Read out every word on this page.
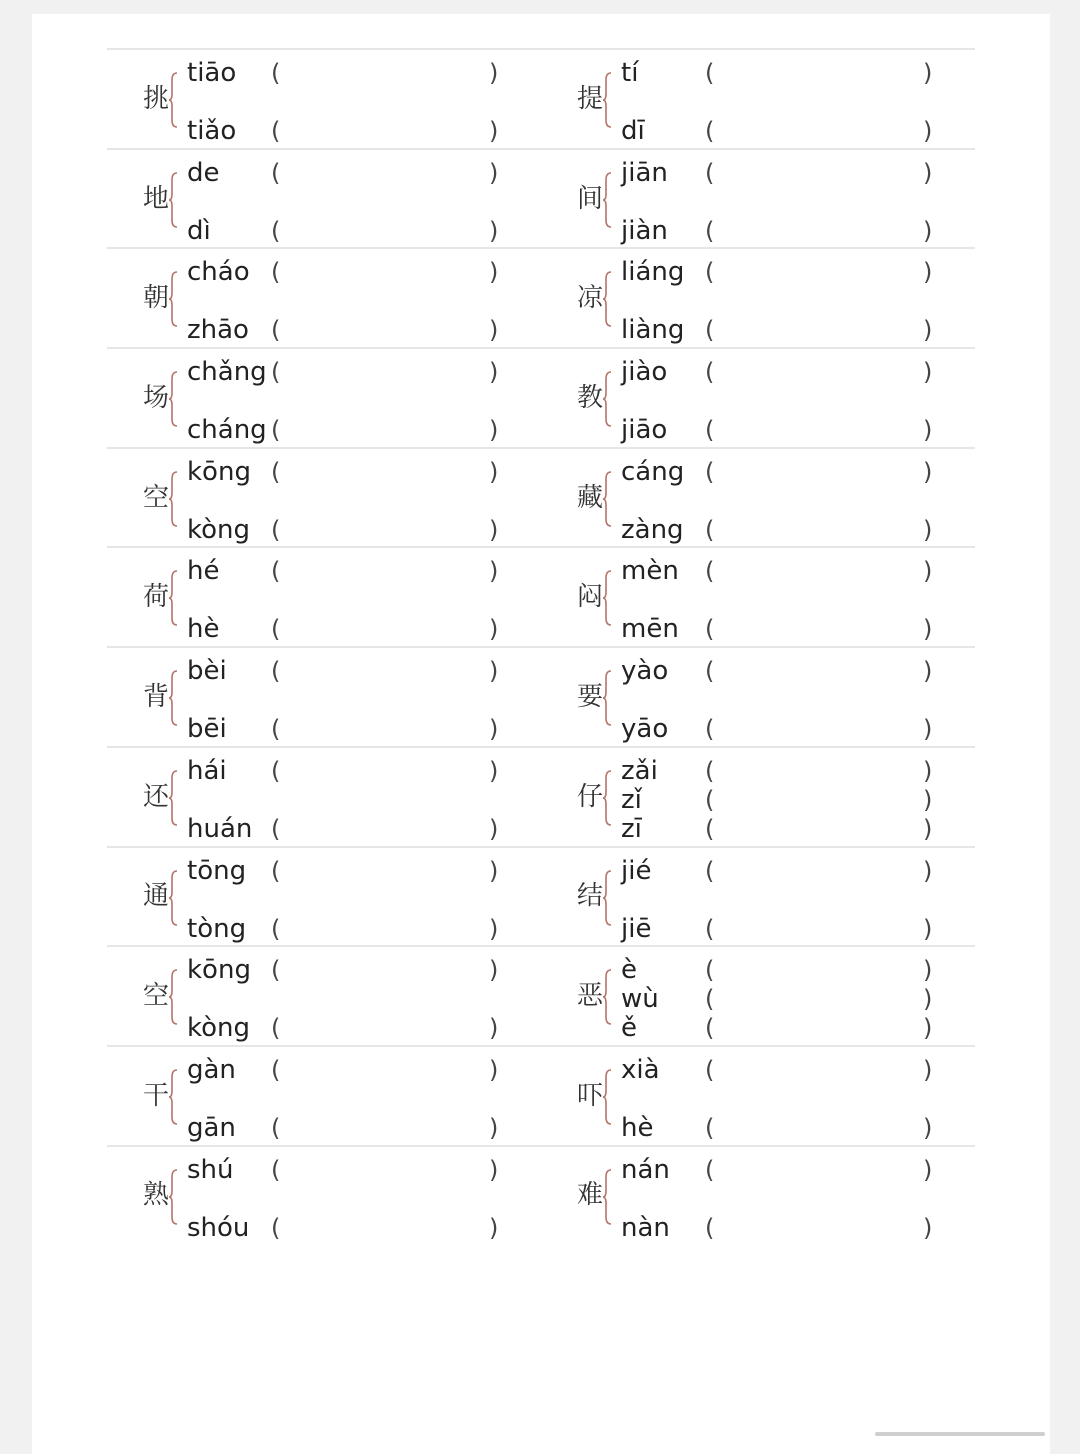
挑
tiāo (	)
tiǎo (	)
提
tí	(	)
dī	(	)
地
de (	)
dì	(	)
间
jiān (	)
jiàn (	)
朝
cháo (	)
zhāo (	)
凉
liáng (	)
liàng (	)
场
chǎng (	)
cháng (	)
教
jiào (	)
jiāo (	)
空
kōng (	)
kòng (	)
藏
cáng (	)
zàng (	)
荷
hé (	)
hè (	)
闷
mèn (	)
mēn (	)
背
bèi (	)
bēi (	)
要
yào (	)
yāo (	)
还
hái (	)
huán (	)
仔
zǎi (	)
zǐ	(	)
zī	(	)
通
tōng (	)
tòng (	)
结
jié (	)
jiē (	)
空
kōng (	)
kòng (	)
恶
è	(	)
wù (	)
ě	(	)
干
gàn (	)
gān (	)
吓
xià (	)
hè (	)
熟
shú (	)
shóu (	)
难
nán (	)
nàn (	)
